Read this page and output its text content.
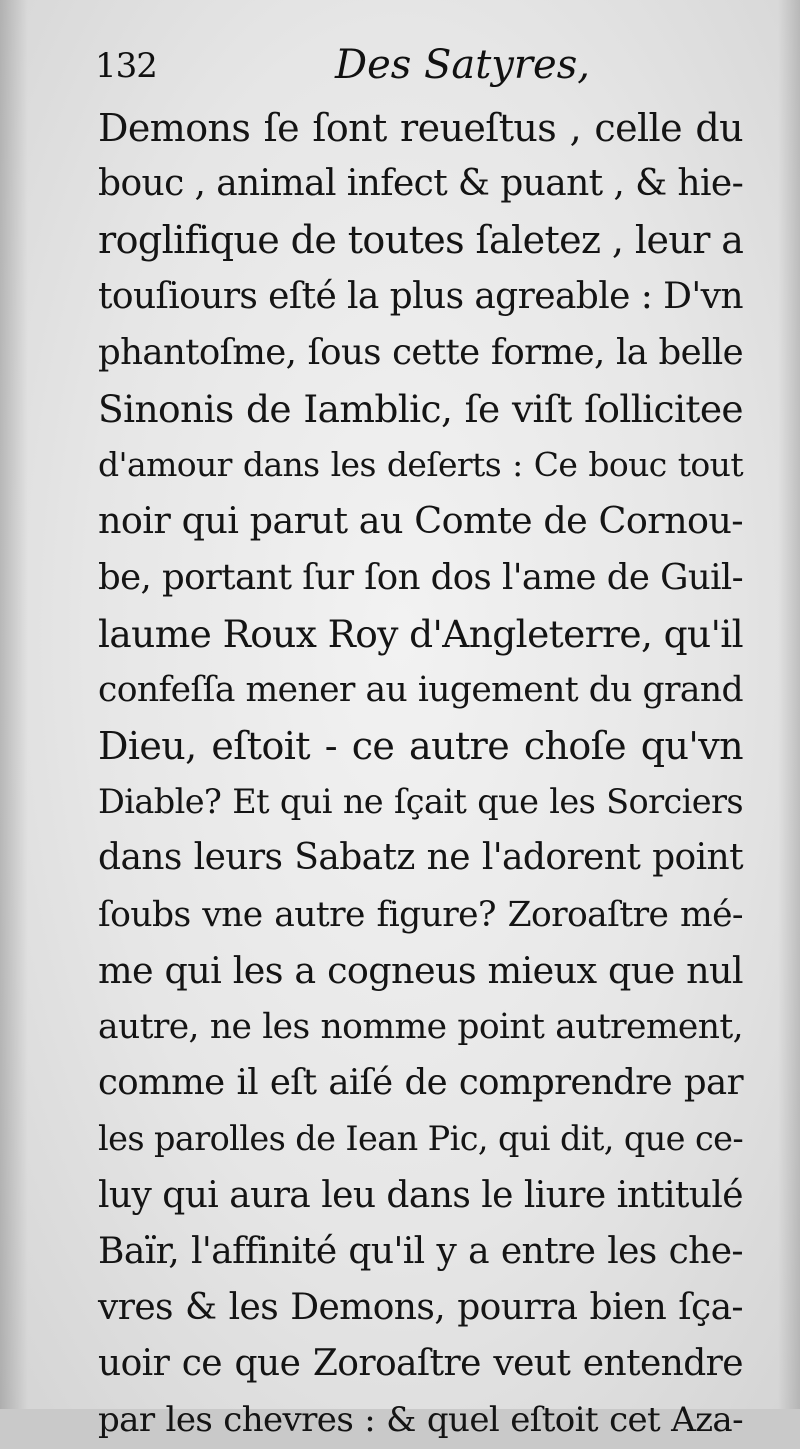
132	Des Satyres,
Demons ſe ſont reueſtus , celle du
bouc , animal infect & puant , & hie-
roglifique de toutes ſaletez , leur a
touſiours eſté la plus agreable : D'vn
phantoſme, ſous cette forme, la belle
Sinonis de Iamblic, ſe viſt ſollicitee
d'amour dans les deſerts : Ce bouc tout
noir qui parut au Comte de Cornou-
be, portant ſur ſon dos l'ame de Guil-
laume Roux Roy d'Angleterre, qu'il
confeſſa mener au iugement du grand
Dieu, eſtoit - ce autre choſe qu'vn
Diable? Et qui ne ſçait que les Sorciers
dans leurs Sabatz ne l'adorent point
ſoubs vne autre figure? Zoroaſtre mé-
me qui les a cogneus mieux que nul
autre, ne les nomme point autrement,
comme il eſt aiſé de comprendre par
les parolles de Iean Pic, qui dit, que ce-
luy qui aura leu dans le liure intitulé
Baïr, l'affinité qu'il y a entre les che-
vres & les Demons, pourra bien ſça-
uoir ce que Zoroaſtre veut entendre
par les chevres : & quel eſtoit cet Aza-
